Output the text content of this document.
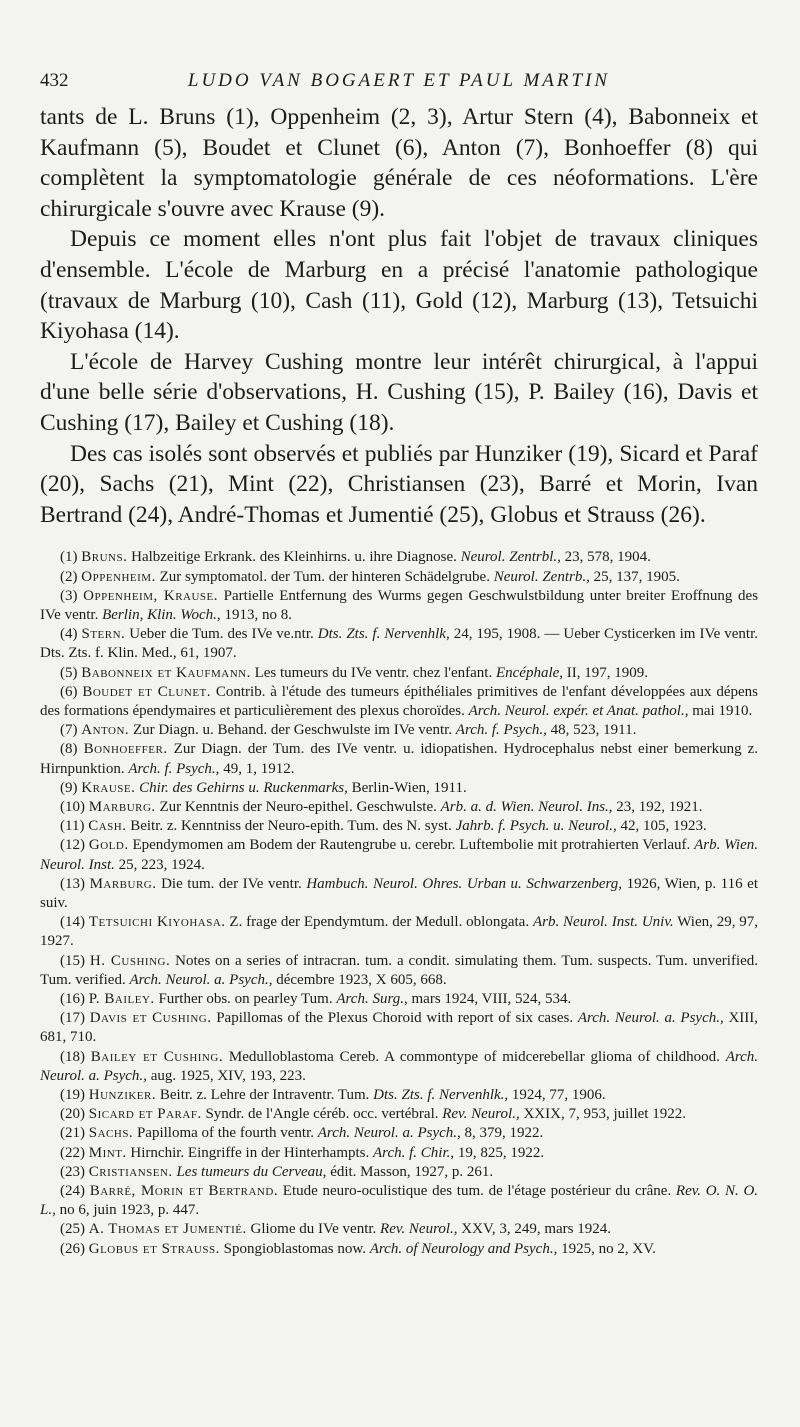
432	LUDO VAN BOGAERT ET PAUL MARTIN

tants de L. Bruns (1), Oppenheim (2, 3), Artur Stern (4), Babonneix et Kaufmann (5), Boudet et Clunet (6), Anton (7), Bonhoeffer (8) qui complètent la symptomatologie générale de ces néoformations. L'ère chirurgicale s'ouvre avec Krause (9).

Depuis ce moment elles n'ont plus fait l'objet de travaux cliniques d'ensemble. L'école de Marburg en a précisé l'anatomie pathologique (travaux de Marburg (10), Cash (11), Gold (12), Marburg (13), Tetsuichi Kiyohasa (14).

L'école de Harvey Cushing montre leur intérêt chirurgical, à l'appui d'une belle série d'observations, H. Cushing (15), P. Bailey (16), Davis et Cushing (17), Bailey et Cushing (18).

Des cas isolés sont observés et publiés par Hunziker (19), Sicard et Paraf (20), Sachs (21), Mint (22), Christiansen (23), Barré et Morin, Ivan Bertrand (24), André-Thomas et Jumentié (25), Globus et Strauss (26).

(1) Bruns. Halbzeitige Erkrank. des Kleinhirns. u. ihre Diagnose. Neurol. Zentrbl., 23, 578, 1904.

(2) Oppenheim. Zur symptomatol. der Tum. der hinteren Schädelgrube. Neurol. Zentrb., 25, 137, 1905.

(3) Oppenheim, Krause. Partielle Entfernung des Wurms gegen Geschwulstbildung unter breiter Eroffnung des IVe ventr. Berlin, Klin. Woch., 1913, no 8.

(4) Stern. Ueber die Tum. des IVe ve.ntr. Dts. Zts. f. Nervenhlk, 24, 195, 1908. — Ueber Cysticerken im IVe ventr. Dts. Zts. f. Klin. Med., 61, 1907.

(5) Babonneix et Kaufmann. Les tumeurs du IVe ventr. chez l'enfant. Encéphale, II, 197, 1909.

(6) Boudet et Clunet. Contrib. à l'étude des tumeurs épithéliales primitives de l'enfant développées aux dépens des formations épendymaires et particulièrement des plexus choroïdes. Arch. Neurol. expér. et Anat. pathol., mai 1910.

(7) Anton. Zur Diagn. u. Behand. der Geschwulste im IVe ventr. Arch. f. Psych., 48, 523, 1911.

(8) Bonhoeffer. Zur Diagn. der Tum. des IVe ventr. u. idiopatishen. Hydrocephalus nebst einer bemerkung z. Hirnpunktion. Arch. f. Psych., 49, 1, 1912.

(9) Krause. Chir. des Gehirns u. Ruckenmarks, Berlin-Wien, 1911.

(10) Marburg. Zur Kenntnis der Neuro-epithel. Geschwulste. Arb. a. d. Wien. Neurol. Ins., 23, 192, 1921.

(11) Cash. Beitr. z. Kenntniss der Neuro-epith. Tum. des N. syst. Jahrb. f. Psych. u. Neurol., 42, 105, 1923.

(12) Gold. Ependymomen am Bodem der Rautengrube u. cerebr. Luftembolie mit protrahierten Verlauf. Arb. Wien. Neurol. Inst. 25, 223, 1924.

(13) Marburg. Die tum. der IVe ventr. Hambuch. Neurol. Ohres. Urban u. Schwarzenberg, 1926, Wien, p. 116 et suiv.

(14) Tetsuichi Kiyohasa. Z. frage der Ependymtum. der Medull. oblongata. Arb. Neurol. Inst. Univ. Wien, 29, 97, 1927.

(15) H. Cushing. Notes on a series of intracran. tum. a condit. simulating them. Tum. suspects. Tum. unverified. Tum. verified. Arch. Neurol. a. Psych., décembre 1923, X 605, 668.

(16) P. Bailey. Further obs. on pearley Tum. Arch. Surg., mars 1924, VIII, 524, 534.

(17) Davis et Cushing. Papillomas of the Plexus Choroid with report of six cases. Arch. Neurol. a. Psych., XIII, 681, 710.

(18) Bailey et Cushing. Medulloblastoma Cereb. A commontype of midcerebellar glioma of childhood. Arch. Neurol. a. Psych., aug. 1925, XIV, 193, 223.

(19) Hunziker. Beitr. z. Lehre der Intraventr. Tum. Dts. Zts. f. Nervenhlk., 1924, 77, 1906.

(20) Sicard et Paraf. Syndr. de l'Angle céréb. occ. vertébral. Rev. Neurol., XXIX, 7, 953, juillet 1922.

(21) Sachs. Papilloma of the fourth ventr. Arch. Neurol. a. Psych., 8, 379, 1922.

(22) Mint. Hirnchir. Eingriffe in der Hinterhampts. Arch. f. Chir., 19, 825, 1922.

(23) Cristiansen. Les tumeurs du Cerveau, édit. Masson, 1927, p. 261.

(24) Barré, Morin et Bertrand. Etude neuro-oculistique des tum. de l'étage postérieur du crâne. Rev. O. N. O. L., no 6, juin 1923, p. 447.

(25) A. Thomas et Jumentié. Gliome du IVe ventr. Rev. Neurol., XXV, 3, 249, mars 1924.

(26) Globus et Strauss. Spongioblastomas now. Arch. of Neurology and Psych., 1925, no 2, XV.
